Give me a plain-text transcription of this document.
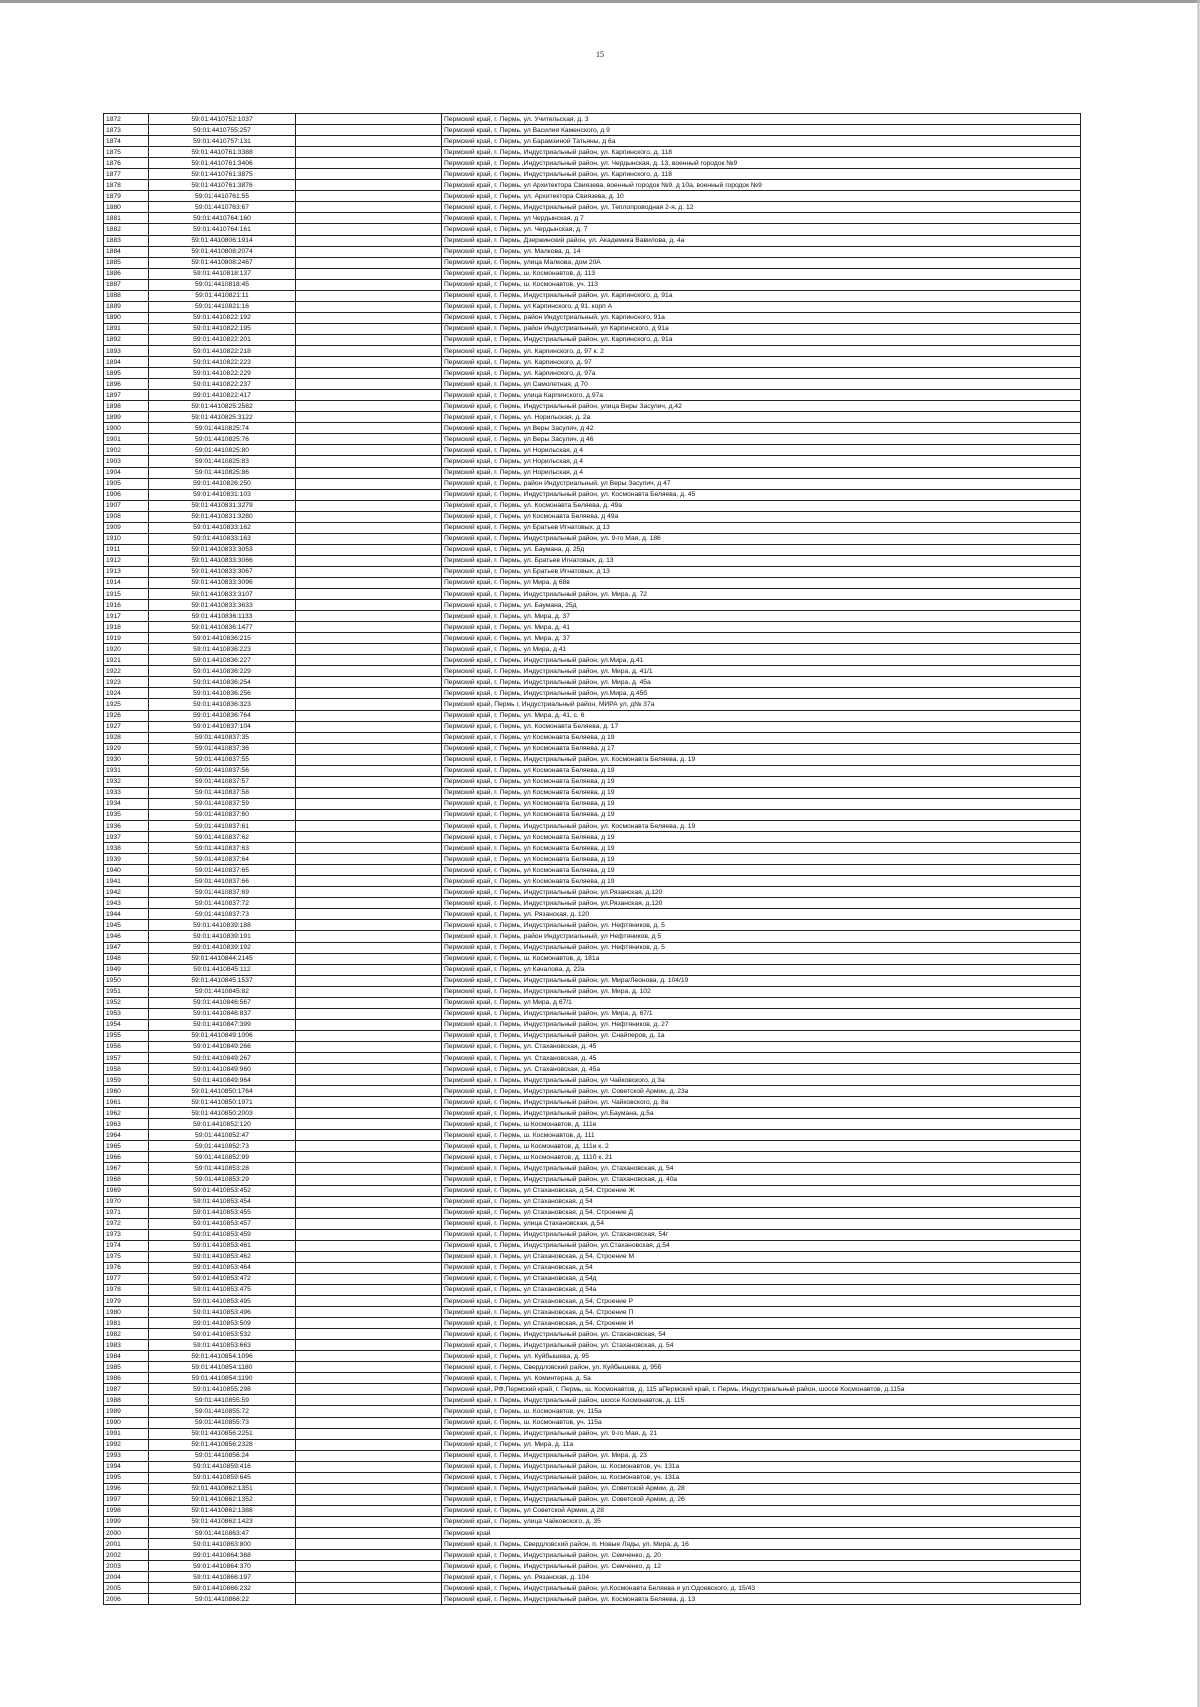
15
1872	59:01:4410752:1037		Пермский край, г. Пермь, ул. Учительская, д. 3
1873	59:01:4410755:257		Пермский край, г. Пермь, ул Василия Каменского, д 9
1874	59:01:4410757:131		Пермский край, г. Пермь, ул Барамзиной Татьяны, д 6а
1875	59:01:4410761:3388		Пермский край, г. Пермь, Индустриальный район, ул. Карпинского, д. 118
1876	59:01:4410761:3406		Пермский край, г. Пермь ,Индустриальный район, ул. Чердынская, д. 13, военный городок №9
1877	59:01:4410761:3875		Пермский край, г. Пермь, Индустриальный район, ул. Карпинского, д. 118
1878	59:01:4410761:3876		Пермский край, г. Пермь, ул Архитектора Свиязева, военный городок №9, д 10а, военный городок №9
1879	59:01:4410761:55		Пермский край, г. Пермь, ул. Архитектора Свиязева, д. 10
1880	59:01:4410763:67		Пермский край, г. Пермь, Индустриальный район, ул. Теплопроводная 2-я, д. 12
1881	59:01:4410764:160		Пермский край, г. Пермь, ул Чердынская, д 7
1882	59:01:4410764:161		Пермский край, г. Пермь, ул. Чердынская, д. 7
1883	59:01:4410806:1914		Пермский край, г. Пермь, Дзержинский район, ул. Академика Вавилова, д. 4а
1884	59:01:4410808:2074		Пермский край, г. Пермь, ул. Малкова, д. 14
1885	59:01:4410808:2467		Пермский край, г. Пермь, улица Малкова, дом 20А
1886	59:01:4410818:137		Пермский край, г. Пермь, ш. Космонавтов, д. 113
1887	59:01:4410818:45		Пермский край, г. Пермь, ш. Космонавтов, уч. 113
1888	59:01:4410821:11		Пермский край, г. Пермь, Индустриальный район, ул. Карпинского, д. 91а
1889	59:01:4410821:16		Пермский край, г. Пермь, ул Карпинского, д 91, корп А
1890	59:01:4410822:192		Пермский край, г. Пермь, район Индустриальный, ул. Карпинского, 91а
1891	59:01:4410822:195		Пермский край, г. Пермь, район Индустриальный, ул Карпинского, д 91а
1892	59:01:4410822:201		Пермский край, г. Пермь, Индустриальный район, ул. Карпинского, д. 91а
1893	59:01:4410822:218		Пермский край, г. Пермь, ул. Карпинского, д. 97 к. 2
1894	59:01:4410822:223		Пермский край, г. Пермь, ул. Карпинского, д. 97
1895	59:01:4410822:229		Пермский край, г. Пермь, ул. Карпинского, д. 97а
1896	59:01:4410822:237		Пермский край, г. Пермь, ул Самолетная, д 70
1897	59:01:4410822:417		Пермский край, г. Пермь, улица Карпинского, д.97а
1898	59:01:4410825:2582		Пермский край, г. Пермь, Индустриальный район, улица Веры Засулич, д.42
1899	59:01:4410825:3122		Пермский край, г. Пермь, ул. Норильская, д. 2а
1900	59:01:4410825:74		Пермский край, г. Пермь, ул Веры Засулич, д 42
1901	59:01:4410825:76		Пермский край, г. Пермь, ул Веры Засулич, д 46
1902	59:01:4410825:80		Пермский край, г. Пермь, ул Норильская, д 4
1903	59:01:4410825:83		Пермский край, г. Пермь, ул Норильская, д 4
1904	59:01:4410825:86		Пермский край, г. Пермь, ул Норильская, д 4
1905	59:01:4410826:250		Пермский край, г. Пермь, район Индустриальный, ул Веры Засулич, д 47
1906	59:01:4410831:103		Пермский край, г. Пермь, Индустриальный район, ул. Космонавта Беляева, д. 45
1907	59:01:4410831:3279		Пермский край, г. Пермь, ул. Космонавта Беляева, д. 49а
1908	59:01:4410831:3280		Пермский край, г. Пермь, ул Космонавта Беляева, д 49а
1909	59:01:4410833:162		Пермский край, г. Пермь, ул Братьев Игнатовых, д 13
1910	59:01:4410833:163		Пермский край, г. Пермь, Индустриальный район, ул. 9-го Мая, д. 186
1911	59:01:4410833:3053		Пермский край, г. Пермь, ул. Баумана, д. 25д
1912	59:01:4410833:3066		Пермский край, г. Пермь, ул. Братьев Игнатовых, д. 13
1913	59:01:4410833:3067		Пермский край, г. Пермь, ул Братьев Игнатовых, д 13
1914	59:01:4410833:3096		Пермский край, г. Пермь, ул Мира, д 68в
1915	59:01:4410833:3107		Пермский край, г. Пермь, Индустриальный район, ул. Мира, д. 72
1916	59:01:4410833:3633		Пермский край, г. Пермь, ул. Баумана, 25д
1917	59:01:4410836:1133		Пермский край, г. Пермь, ул. Мира, д. 37
1918	59:01:4410836:1477		Пермский край, г. Пермь, ул. Мира, д. 41
1919	59:01:4410836:215		Пермский край, г. Пермь, ул. Мира, д. 37
1920	59:01:4410836:223		Пермский край, г. Пермь, ул Мира, д 41
1921	59:01:4410836:227		Пермский край, г. Пермь, Индустриальный район, ул.Мира, д.41
1922	59:01:4410836:229		Пермский край, г. Пермь, Индустриальный район, ул. Мира, д. 41/1
1923	59:01:4410836:254		Пермский край, г. Пермь, Индустриальный район, ул. Мира, д. 45а
1924	59:01:4410836:256		Пермский край, г. Пермь, Индустриальный район, ул.Мира, д.45б
1925	59:01:4410836:323		Пермский край, Пермь г, Индустриальный район, МИРА ул, д№ 37а
1926	59:01:4410836:764		Пермский край, г. Пермь, ул. Мира, д. 41, с. 6
1927	59:01:4410837:104		Пермский край, г. Пермь, ул. Космонавта Беляева, д. 17
1928	59:01:4410837:35		Пермский край, г. Пермь, ул Космонавта Беляева, д 19
1929	59:01:4410837:36		Пермский край, г. Пермь, ул Космонавта Беляева, д 17
1930	59:01:4410837:55		Пермский край, г. Пермь, Индустриальный район, ул. Космонавта Беляева, д. 19
1931	59:01:4410837:56		Пермский край, г. Пермь, ул Космонавта Беляева, д 19
1932	59:01:4410837:57		Пермский край, г. Пермь, ул Космонавта Беляева, д 19
1933	59:01:4410837:58		Пермский край, г. Пермь, ул Космонавта Беляева, д 19
1934	59:01:4410837:59		Пермский край, г. Пермь, ул Космонавта Беляева, д 19
1935	59:01:4410837:60		Пермский край, г. Пермь, ул Космонавта Беляева, д 19
1936	59:01:4410837:61		Пермский край, г. Пермь, Индустриальный район, ул. Космонавта Беляева, д. 19
1937	59:01:4410837:62		Пермский край, г. Пермь, ул Космонавта Беляева, д 19
1938	59:01:4410837:63		Пермский край, г. Пермь, ул Космонавта Беляева, д 19
1939	59:01:4410837:64		Пермский край, г. Пермь, ул Космонавта Беляева, д 19
1940	59:01:4410837:65		Пермский край, г. Пермь, ул Космонавта Беляева, д 19
1941	59:01:4410837:66		Пермский край, г. Пермь, ул Космонавта Беляева, д 19
1942	59:01:4410837:69		Пермский край, г. Пермь, Индустриальный район, ул.Рязанская, д.120
1943	59:01:4410837:72		Пермский край, г. Пермь, Индустриальный район, ул.Рязанская, д.120
1944	59:01:4410837:73		Пермский край, г. Пермь, ул. Рязанская, д. 120
1945	59:01:4410839:188		Пермский край, г. Пермь, Индустриальный район, ул. Нефтяников, д. 5
1946	59:01:4410839:191		Пермский край, г. Пермь, район Индустриальный, ул Нефтяников, д 5
1947	59:01:4410839:192		Пермский край, г. Пермь, Индустриальный район, ул. Нефтяников, д. 5
1948	59:01:4410844:2145		Пермский край, г. Пермь, ш. Космонавтов, д. 181а
1949	59:01:4410845:112		Пермский край, г. Пермь, ул Качалова, д. 22а
1950	59:01:4410845:1537		Пермский край, г. Пермь, Индустриальный район, ул. Мира/Леонова, д. 104/19
1951	59:01:4410845:82		Пермский край, г. Пермь, Индустриальный район, ул. Мира, д. 102
1952	59:01:4410846:567		Пермский край, г. Пермь, ул Мира, д 67/1
1953	59:01:4410846:837		Пермский край, г. Пермь, Индустриальный район, ул. Мира, д. 67/1
1954	59:01:4410847:399		Пермский край, г. Пермь, Индустриальный район, ул. Нефтяников, д. 27
1955	59:01:4410849:1006		Пермский край, г. Пермь, Индустриальный район, ул. Снайперов, д. 1а
1956	59:01:4410849:266		Пермский край, г. Пермь, ул. Стахановская, д. 45
1957	59:01:4410849:267		Пермский край, г. Пермь, ул. Стахановская, д. 45
1958	59:01:4410849:960		Пермский край, г. Пермь, ул. Стахановская, д. 45а
1959	59:01:4410849:964		Пермский край, г. Пермь, Индустриальный район, ул Чайковского, д 3а
1960	59:01:4410850:1764		Пермский край, г. Пермь, Индустриальный район, ул. Советской Армии, д. 23а
1961	59:01:4410850:1971		Пермский край, г. Пермь, Индустриальный район, ул. Чайковского, д. 8а
1962	59:01:4410850:2003		Пермский край, г. Пермь, Индустриальный район, ул.Баумана, д.5а
1963	59:01:4410852:120		Пермский край, г. Пермь, ш Космонавтов, д. 111е
1964	59:01:4410852:47		Пермский край, г. Пермь, ш. Космонавтов, д. 111
1965	59:01:4410852:73		Пермский край, г. Пермь, ш Космонавтов, д. 111и к. 2
1966	59:01:4410852:99		Пермский край, г. Пермь, ш Космонавтов, д. 111б к. 21
1967	59:01:4410853:28		Пермский край, г. Пермь, Индустриальный район, ул. Стахановская, д. 54
1968	59:01:4410853:29		Пермский край, г. Пермь, Индустриальный район, ул. Стахановская, д. 40а
1969	59:01:4410853:452		Пермский край, г. Пермь, ул Стахановская, д 54, Строение Ж
1970	59:01:4410853:454		Пермский край, г. Пермь, ул Стахановская, д 54
1971	59:01:4410853:455		Пермский край, г. Пермь, ул Стахановская, д 54, Строение Д
1972	59:01:4410853:457		Пермский край, г. Пермь, улица Стахановская, д.54
1973	59:01:4410853:459		Пермский край, г. Пермь, Индустриальный район, ул. Стахановская, 54г
1974	59:01:4410853:461		Пермский край, г. Пермь, Индустриальный район, ул.Стахановская, д.54
1975	59:01:4410853:462		Пермский край, г. Пермь, ул Стахановская, д 54, Строение М
1976	59:01:4410853:464		Пермский край, г. Пермь, ул Стахановская, д 54
1977	59:01:4410853:472		Пермский край, г. Пермь, ул Стахановская, д 54д
1978	59:01:4410853:475		Пермский край, г. Пермь, ул Стахановская, д 54а
1979	59:01:4410853:495		Пермский край, г. Пермь, ул Стахановская, д 54, Строение Р
1980	59:01:4410853:496		Пермский край, г. Пермь, ул Стахановская, д 54, Строение П
1981	59:01:4410853:509		Пермский край, г. Пермь, ул Стахановская, д 54, Строение И
1982	59:01:4410853:532		Пермский край, г. Пермь, Индустриальный район, ул. Стахановская, 54
1983	59:01:4410853:663		Пермский край, г. Пермь, Индустриальный район, ул. Стахановская, д. 54
1984	59:01:4410854:1096		Пермский край, г. Пермь, ул. Куйбышева, д. 95
1985	59:01:4410854:1180		Пермский край, г. Пермь, Свердловский район, ул. Куйбышева, д. 95б
1986	59:01:4410854:1190		Пермский край, г. Пермь, ул. Коминтерна, д. 5а
1987	59:01:4410855:298		Пермский край, РФ,Пермский край, г. Пермь, ш. Космонавтов, д. 115 аПермский край, г. Пермь, Индустриальный район, шоссе Космонавтов, д.115а
1988	59:01:4410855:59		Пермский край, г. Пермь, Индустриальный район, шоссе Космонавтов, д. 115
1989	59:01:4410855:72		Пермский край, г. Пермь, ш. Космонавтов, уч. 115а
1990	59:01:4410855:73		Пермский край, г. Пермь, ш. Космонавтов, уч. 115а
1991	59:01:4410856:2251		Пермский край, г. Пермь, Индустриальный район, ул. 9-го Мая, д. 21
1992	59:01:4410856:2328		Пермский край, г. Пермь, ул. Мира, д. 11а
1993	59:01:4410856:24		Пермский край, г. Пермь, Индустриальный район, ул. Мира, д. 23
1994	59:01:4410859:416		Пермский край, г. Пермь, Индустриальный район, ш. Космонавтов, уч. 131а
1995	59:01:4410859:645		Пермский край, г. Пермь, Индустриальный район, ш. Космонавтов, уч. 131а
1996	59:01:4410862:1351		Пермский край, г. Пермь, Индустриальный район, ул. Советской Армии, д. 28
1997	59:01:4410862:1352		Пермский край, г. Пермь, Индустриальный район, ул. Советской Армии, д. 26
1998	59:01:4410862:1388		Пермский край, г. Пермь, ул Советской Армии, д 28
1999	59:01:4410862:1423		Пермский край, г. Пермь, улица Чайковского, д. 35
2000	59:01:4410863:47		Пермский край
2001	59:01:4410863:800		Пермский край, г. Пермь, Свердловский район, п. Новые Ляды, ул. Мира, д. 16
2002	59:01:4410864:368		Пермский край, г. Пермь, Индустриальный район, ул. Семченко, д. 20
2003	59:01:4410864:370		Пермский край, г. Пермь, Индустриальный район, ул. Семченко, д. 12
2004	59:01:4410866:197		Пермский край, г. Пермь, ул. Рязанская, д. 104
2005	59:01:4410866:232		Пермский край, г. Пермь, Индустриальный район, ул.Космонавта Беляева и ул.Одоевского, д. 15/43
2006	59:01:4410866:22		Пермский край, г. Пермь, Индустриальный район, ул. Космонавта Беляева, д. 13
